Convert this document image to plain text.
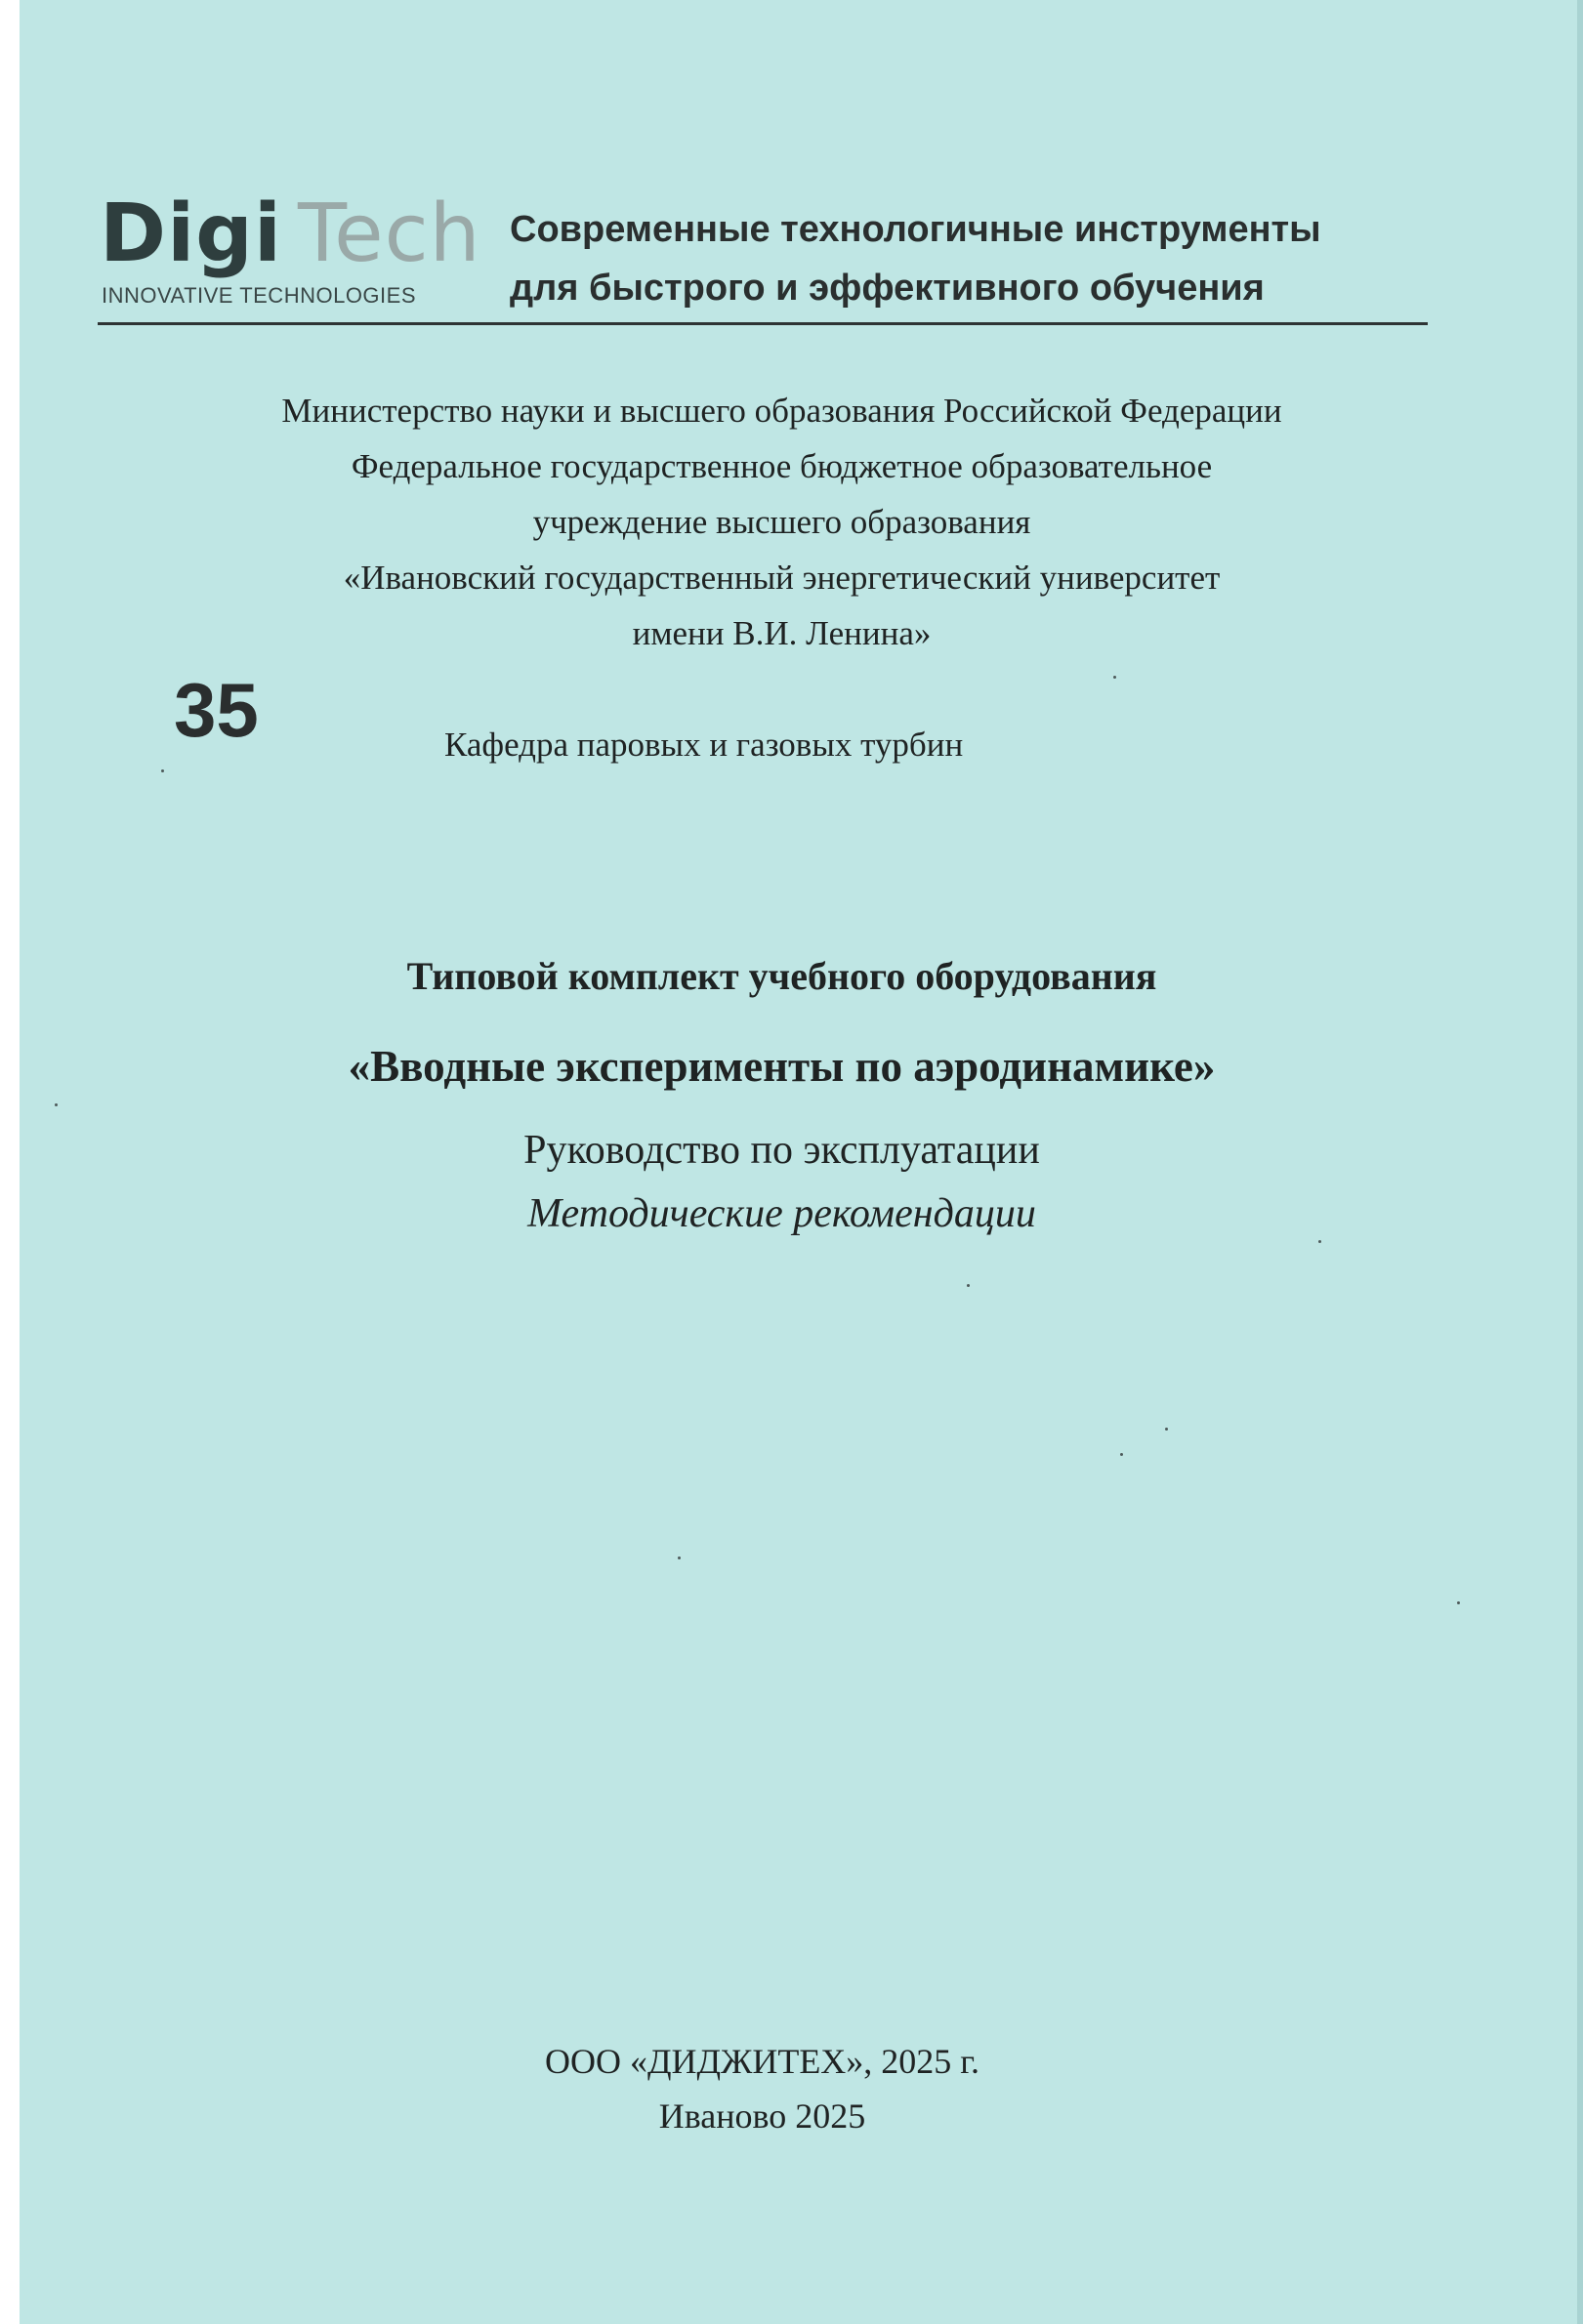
Digi Tech
INNOVATIVE TECHNOLOGIES
Современные технологичные инструменты
для быстрого и эффективного обучения
Министерство науки и высшего образования Российской Федерации
Федеральное государственное бюджетное образовательное
учреждение высшего образования
«Ивановский государственный энергетический университет
имени В.И. Ленина»
35	Кафедра паровых и газовых турбин
Типовой комплект учебного оборудования
«Вводные эксперименты по аэродинамике»
Руководство по эксплуатации
Методические рекомендации
ООО «ДИДЖИТЕХ», 2025 г.
Иваново 2025
